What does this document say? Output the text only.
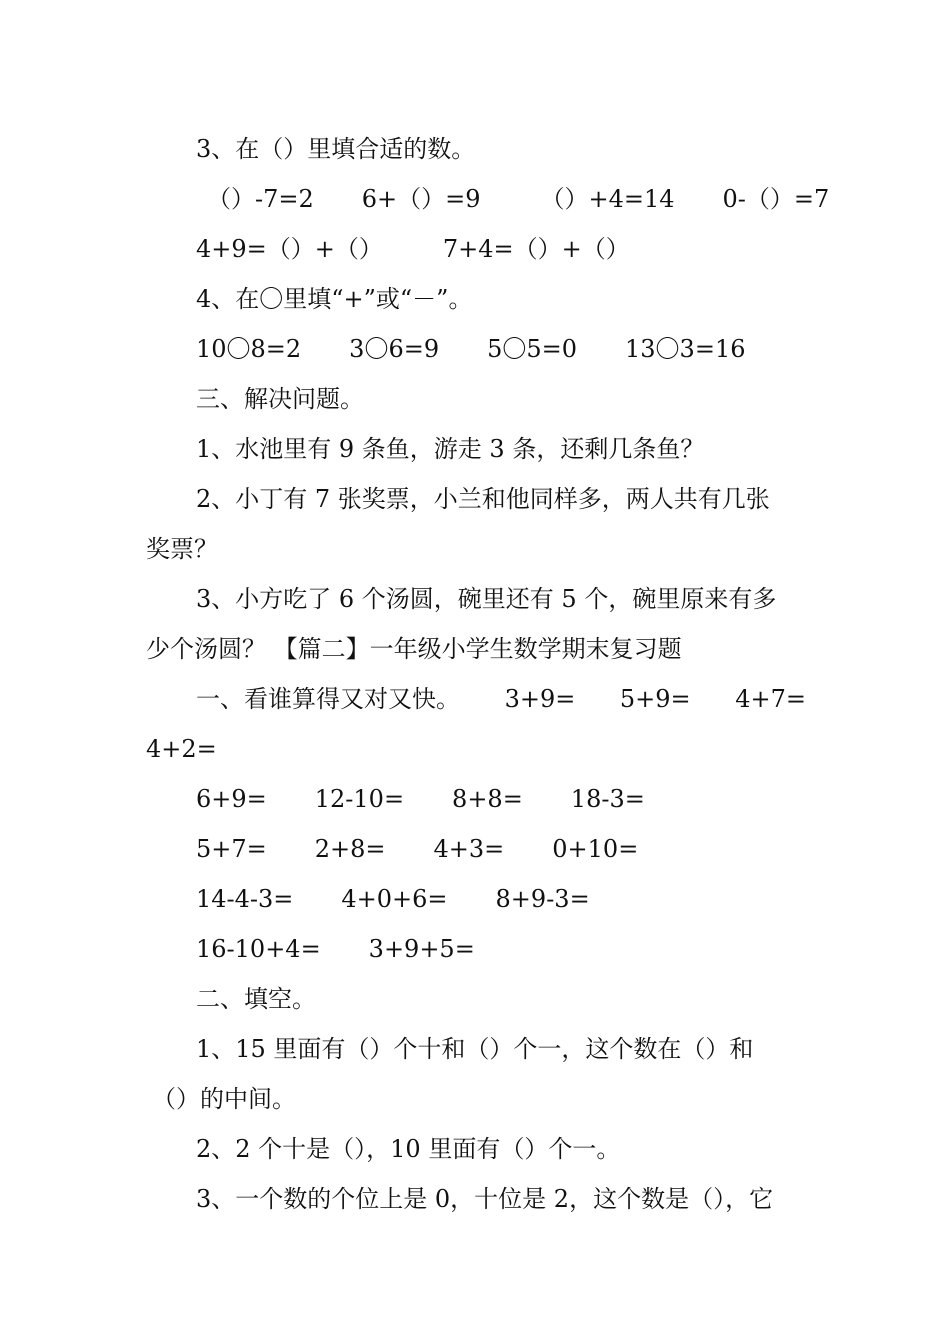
3、在（）里填合适的数。
（）-7=2　　6+（）=9　　　（）+4=14　　0-（）=7
4+9=（）+（）　　　7+4=（）+（）
4、在〇里填“+”或“－”。
10〇8=2　　3〇6=9　　5〇5=0　　13〇3=16
三、解决问题。
1、水池里有 9 条鱼，游走 3 条，还剩几条鱼？
2、小丁有 7 张奖票，小兰和他同样多，两人共有几张
奖票？
3、小方吃了 6 个汤圆，碗里还有 5 个，碗里原来有多
少个汤圆？ 【篇二】一年级小学生数学期末复习题
一、看谁算得又对又快。 3+9= 5+9= 4+7=
4+2=
6+9=　　12-10=　　8+8=　　18-3=
5+7=　　2+8=　　4+3=　　0+10=
14-4-3=　　4+0+6=　　8+9-3=
16-10+4=　　3+9+5=
二、填空。
1、15 里面有（）个十和（）个一，这个数在（）和
（）的中间。
2、2 个十是（），10 里面有（）个一。
3、一个数的个位上是 0，十位是 2，这个数是（），它
